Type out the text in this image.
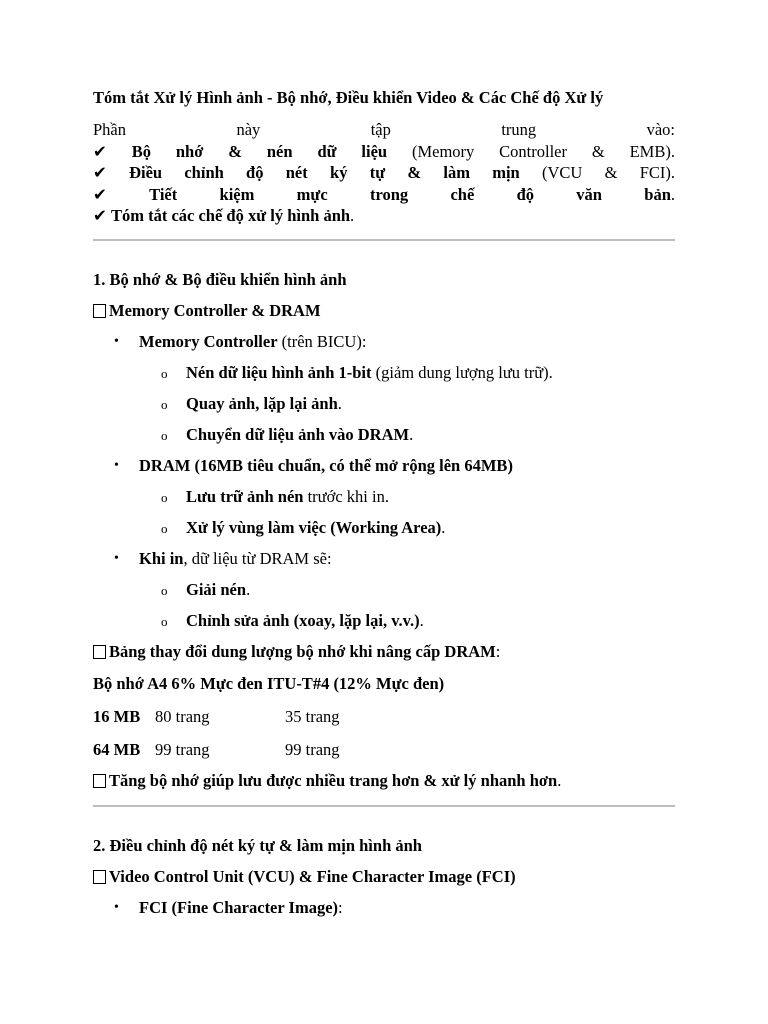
Tóm tắt Xử lý Hình ảnh - Bộ nhớ, Điều khiển Video & Các Chế độ Xử lý

Phần này tập trung vào:
✔ Bộ nhớ & nén dữ liệu (Memory Controller & EMB).
✔ Điều chỉnh độ nét ký tự & làm mịn (VCU & FCI).
✔	Tiết kiệm mực trong chế độ văn bản.
✔ Tóm tắt các chế độ xử lý hình ảnh.

1. Bộ nhớ & Bộ điều khiển hình ảnh

Memory Controller & DRAM

• Memory Controller (trên BICU):
o Nén dữ liệu hình ảnh 1-bit (giảm dung lượng lưu trữ).
o Quay ảnh, lặp lại ảnh.
o Chuyển dữ liệu ảnh vào DRAM.
• DRAM (16MB tiêu chuẩn, có thể mở rộng lên 64MB)
o Lưu trữ ảnh nén trước khi in.
o Xử lý vùng làm việc (Working Area).
• Khi in, dữ liệu từ DRAM sẽ:
o Giải nén.
o Chỉnh sửa ảnh (xoay, lặp lại, v.v.).

Bảng thay đổi dung lượng bộ nhớ khi nâng cấp DRAM:

Bộ nhớ A4 6% Mực đen ITU-T#4 (12% Mực đen)

16 MB 80 trang	35 trang
64 MB 99 trang	99 trang

Tăng bộ nhớ giúp lưu được nhiều trang hơn & xử lý nhanh hơn.

2. Điều chỉnh độ nét ký tự & làm mịn hình ảnh

Video Control Unit (VCU) & Fine Character Image (FCI)

• FCI (Fine Character Image):
